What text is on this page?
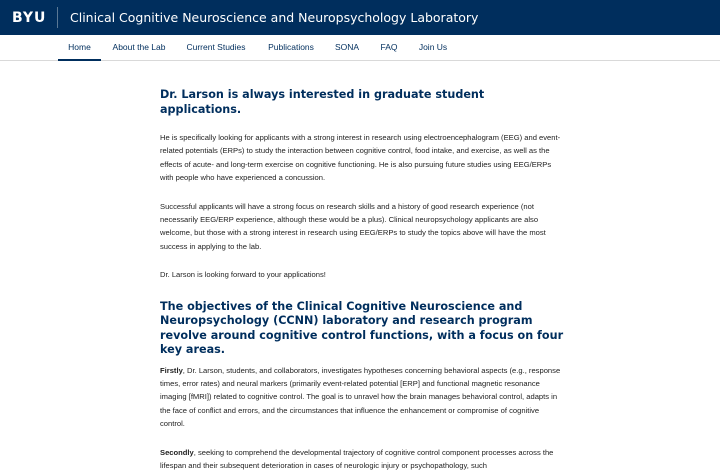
BYU Clinical Cognitive Neuroscience and Neuropsychology Laboratory
Home	About the Lab Current Studies	Publications	SONA	FAQ	Join Us
Dr. Larson is always interested in graduate student applications.

He is specifically looking for applicants with a strong interest in research using electroencephalogram (EEG) and event-related potentials (ERPs) to study the interaction between cognitive control, food intake, and exercise, as well as the effects of acute- and long-term exercise on cognitive functioning. He is also pursuing future studies using EEG/ERPs with people who have experienced a concussion.

Successful applicants will have a strong focus on research skills and a history of good research experience (not necessarily EEG/ERP experience, although these would be a plus). Clinical neuropsychology applicants are also welcome, but those with a strong interest in research using EEG/ERPs to study the topics above will have the most success in applying to the lab.

Dr. Larson is looking forward to your applications!

The objectives of the Clinical Cognitive Neuroscience and Neuropsychology (CCNN) laboratory and research program revolve around cognitive control functions, with a focus on four key areas.

Firstly, Dr. Larson, students, and collaborators, investigates hypotheses concerning behavioral aspects (e.g., response times, error rates) and neural markers (primarily event-related potential [ERP] and functional magnetic resonance imaging [fMRI]) related to cognitive control. The goal is to unravel how the brain manages behavioral control, adapts in the face of conflict and errors, and the circumstances that influence the enhancement or compromise of cognitive control.

Secondly, seeking to comprehend the developmental trajectory of cognitive control component processes across the lifespan and their subsequent deterioration in cases of neurologic injury or psychopathology, such
